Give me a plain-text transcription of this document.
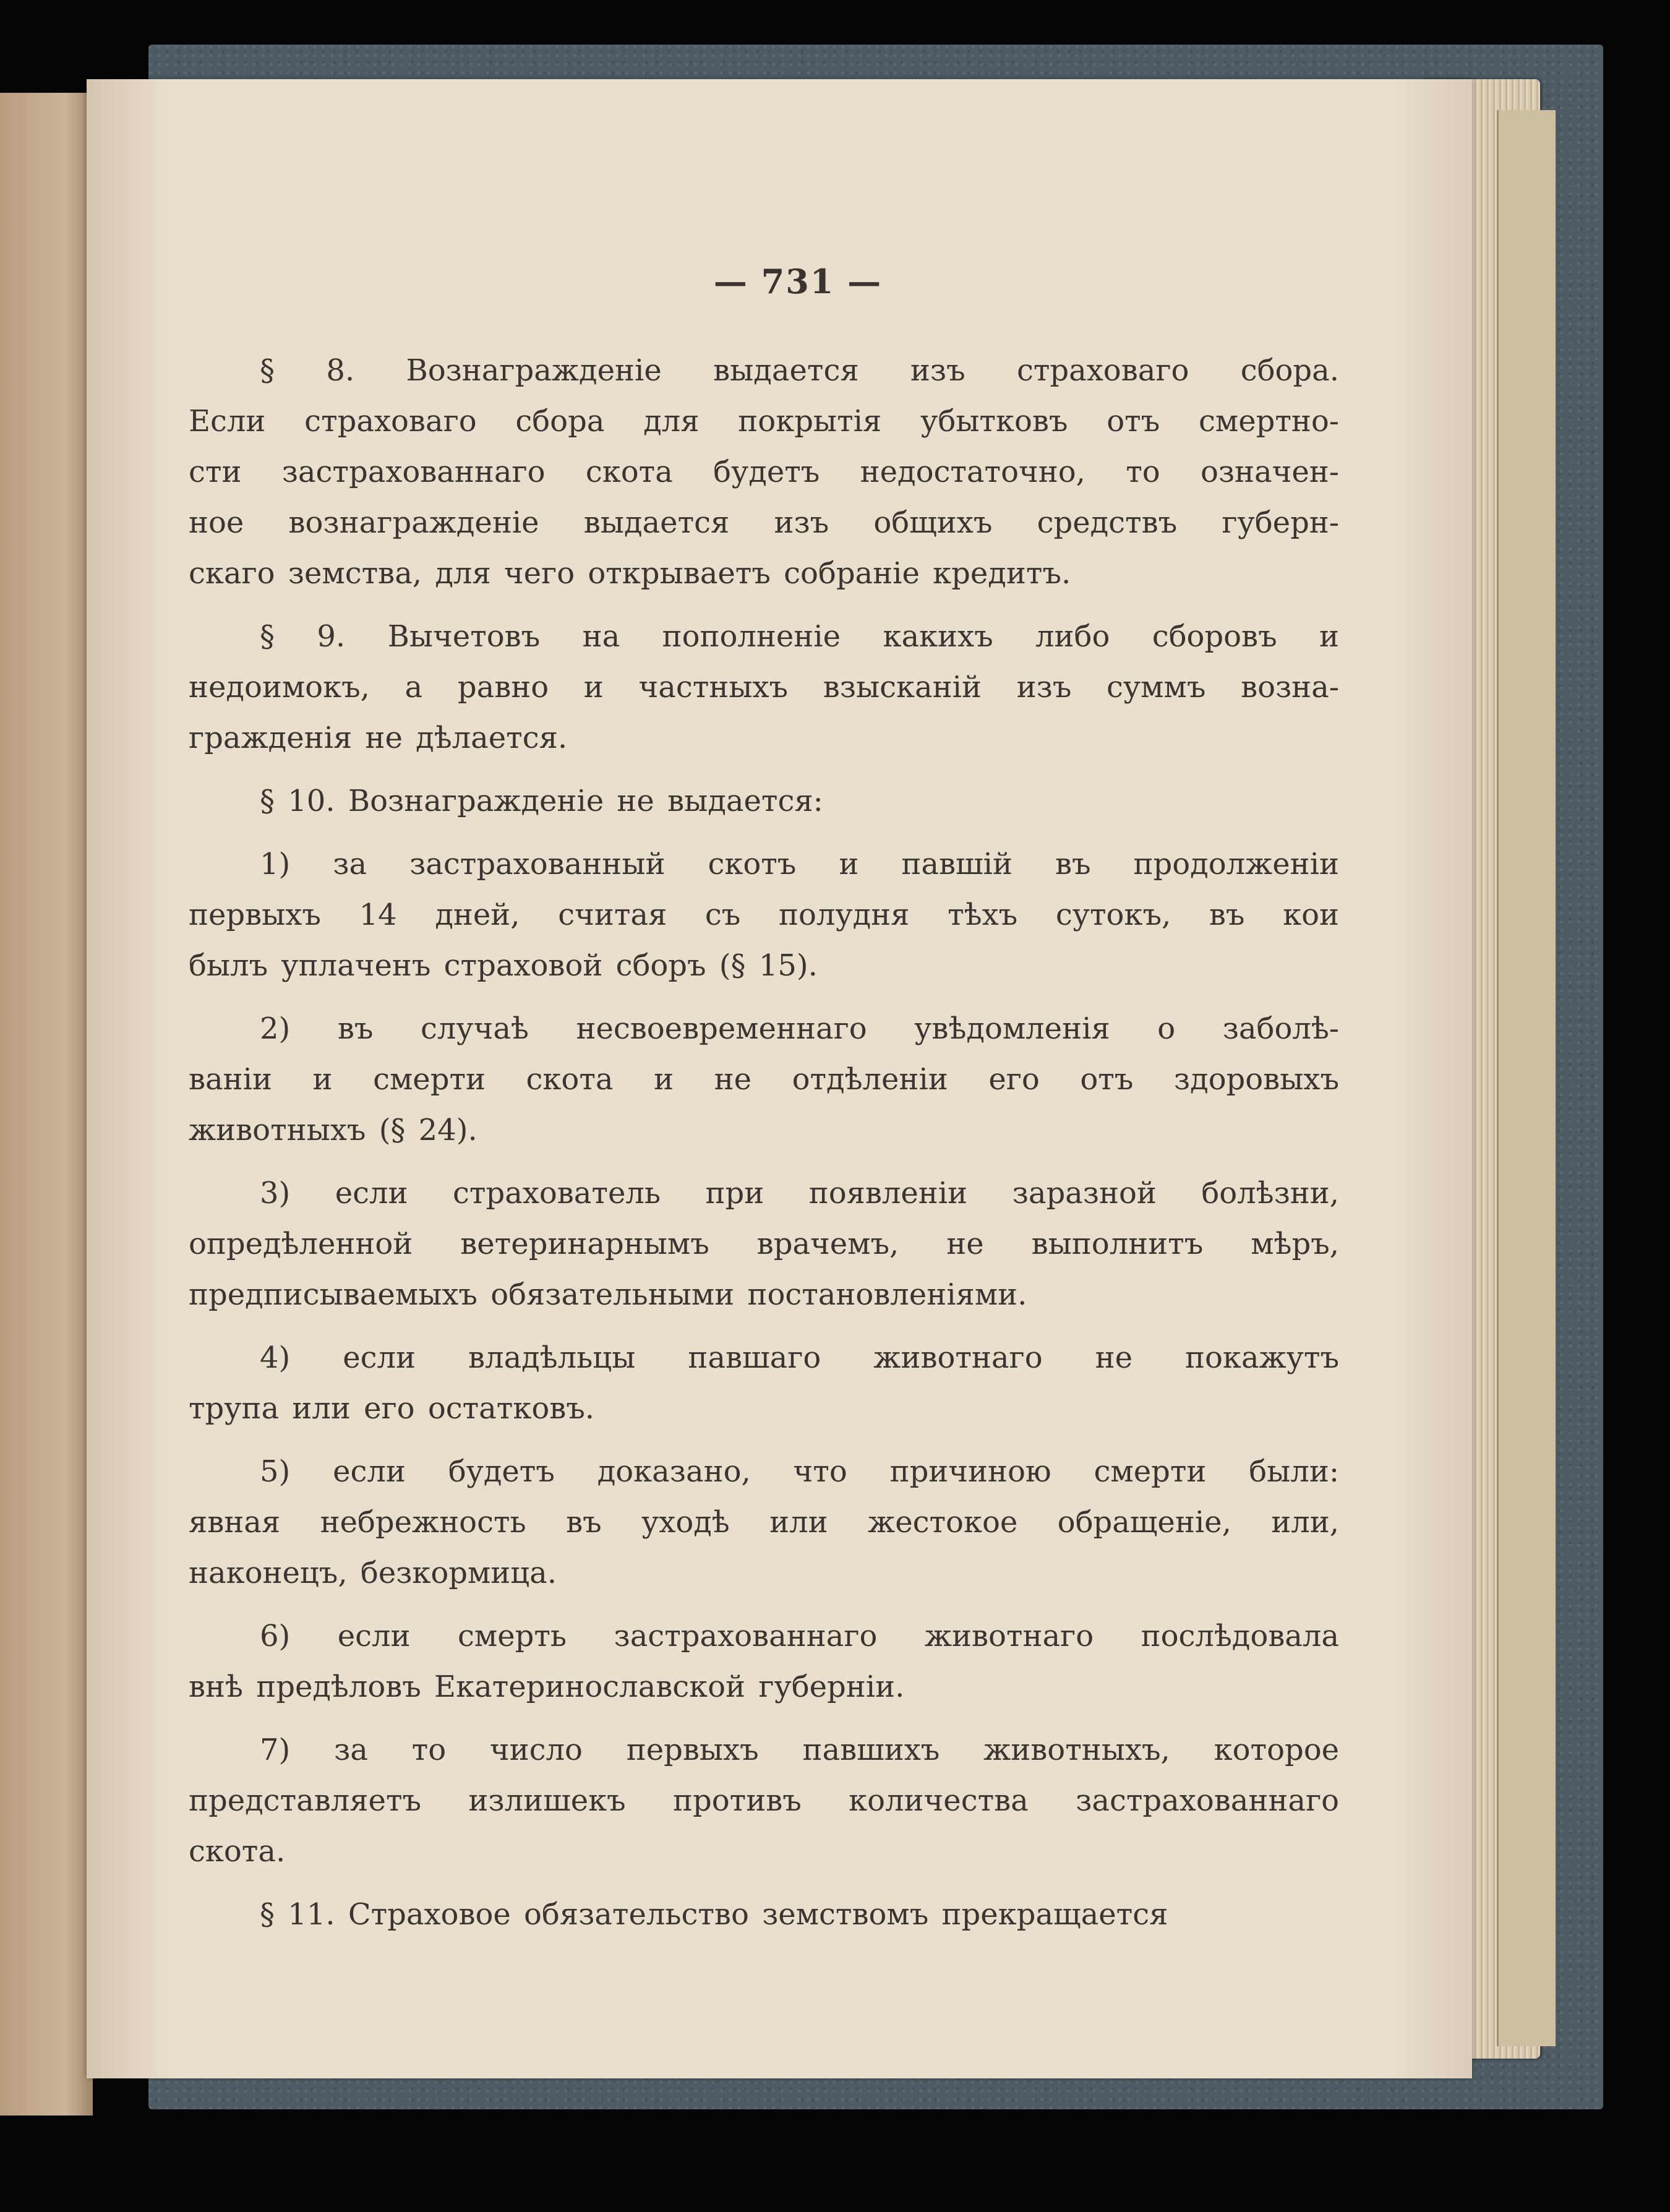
— 731 —
§ 8. Вознагражденіе выдается изъ страховаго сбора.
Если страховаго сбора для покрытія убытковъ отъ смертно-
сти застрахованнаго скота будетъ недостаточно, то означен-
ное вознагражденіе выдается изъ общихъ средствъ губерн-
скаго земства, для чего открываетъ собраніе кредитъ.
§ 9. Вычетовъ на пополненіе какихъ либо сборовъ и
недоимокъ, а равно и частныхъ взысканій изъ суммъ возна-
гражденія не дѣлается.
§ 10. Вознагражденіе не выдается:
1) за застрахованный скотъ и павшій въ продолженіи
первыхъ 14 дней, считая съ полудня тѣхъ сутокъ, въ кои
былъ уплаченъ страховой сборъ (§ 15).
2) въ случаѣ несвоевременнаго увѣдомленія о заболѣ-
ваніи и смерти скота и не отдѣленіи его отъ здоровыхъ
животныхъ (§ 24).
3) если страхователь при появленіи заразной болѣзни,
опредѣленной ветеринарнымъ врачемъ, не выполнитъ мѣръ,
предписываемыхъ обязательными постановленіями.
4) если владѣльцы павшаго животнаго не покажутъ
трупа или его остатковъ.
5) если будетъ доказано, что причиною смерти были:
явная небрежность въ уходѣ или жестокое обращеніе, или,
наконецъ, безкормица.
6) если смерть застрахованнаго животнаго послѣдовала
внѣ предѣловъ Екатеринославской губерніи.
7) за то число первыхъ павшихъ животныхъ, которое
представляетъ излишекъ противъ количества застрахованнаго
скота.
§ 11. Страховое обязательство земствомъ прекращается
